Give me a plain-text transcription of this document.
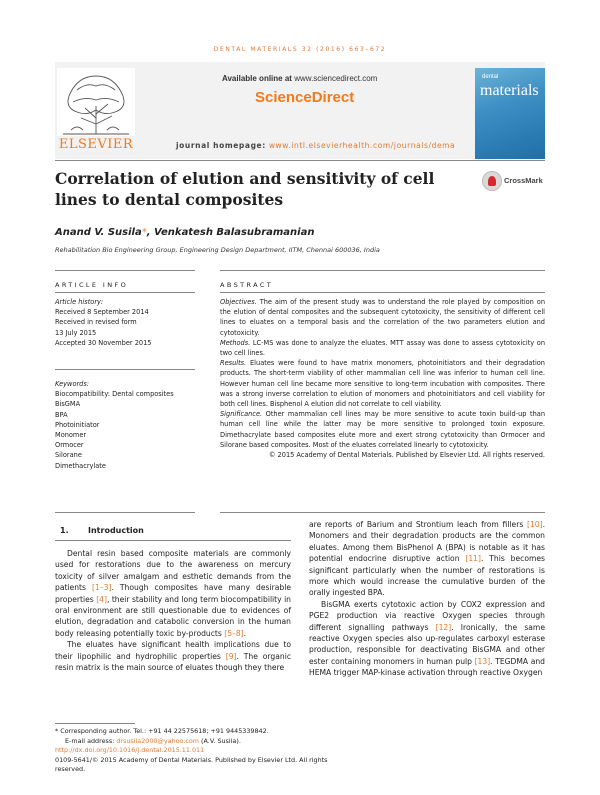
DENTAL MATERIALS 32 (2016) 663–672
ELSEVIER
Available online at www.sciencedirect.com
ScienceDirect
journal homepage: www.intl.elsevierhealth.com/journals/dema
dental
materials
Correlation of elution and sensitivity of cell lines to dental composites
CrossMark
Anand V. Susila*, Venkatesh Balasubramanian
Rehabilitation Bio Engineering Group, Engineering Design Department, IITM, Chennai 600036, India
ARTICLE INFO	ABSTRACT
Article history:
Received 8 September 2014
Received in revised form
13 July 2015
Accepted 30 November 2015
Keywords:
Biocompatibility: Dental composites
BisGMA
BPA
Photoinitiator
Monomer
Ormocer
Silorane
Dimethacrylate

Objectives. The aim of the present study was to understand the role played by composition on the elution of dental composites and the subsequent cytotoxicity, the sensitivity of different cell lines to eluates on a temporal basis and the correlation of the two parameters elution and cytotoxicity.

Methods. LC-MS was done to analyze the eluates. MTT assay was done to assess cytotoxicity on two cell lines.

Results. Eluates were found to have matrix monomers, photoinitiators and their degradation products. The short-term viability of other mammalian cell line was inferior to human cell line. However human cell line became more sensitive to long-term incubation with composites. There was a strong inverse correlation to elution of monomers and photoinitiators and cell viability for both cell lines. Bisphenol A elution did not correlate to cell viability.

Significance. Other mammalian cell lines may be more sensitive to acute toxin build-up than human cell line while the latter may be more sensitive to prolonged toxin exposure. Dimethacrylate based composites elute more and exert strong cytotoxicity than Ormocer and Silorane based composites. Most of the eluates correlated linearly to cytotoxicity.

© 2015 Academy of Dental Materials. Published by Elsevier Ltd. All rights reserved.

1. Introduction

Dental resin based composite materials are commonly used for restorations due to the awareness on mercury toxicity of silver amalgam and esthetic demands from the patients [1–3]. Though composites have many desirable properties [4], their stability and long term biocompatibility in oral environment are still questionable due to evidences of elution, degradation and catabolic conversion in the human body releasing potentially toxic by-products [5–8].

The eluates have significant health implications due to their lipophilic and hydrophilic properties [9]. The organic resin matrix is the main source of eluates though they there

are reports of Barium and Strontium leach from fillers [10]. Monomers and their degradation products are the common eluates. Among them BisPhenol A (BPA) is notable as it has potential endocrine disruptive action [11]. This becomes significant particularly when the number of restorations is more which would increase the cumulative burden of the orally ingested BPA.

BisGMA exerts cytotoxic action by COX2 expression and PGE2 production via reactive Oxygen species through different signalling pathways [12]. Ironically, the same reactive Oxygen species also up-regulates carboxyl esterase production, responsible for deactivating BisGMA and other ester containing monomers in human pulp [13]. TEGDMA and HEMA trigger MAP-kinase activation through reactive Oxygen

* Corresponding author. Tel.: +91 44 22575618; +91 9445339842.
E-mail address: drsusila2000@yahoo.com (A.V. Susila).
http://dx.doi.org/10.1016/j.dental.2015.11.011
0109-5641/© 2015 Academy of Dental Materials. Published by Elsevier Ltd. All rights reserved.
